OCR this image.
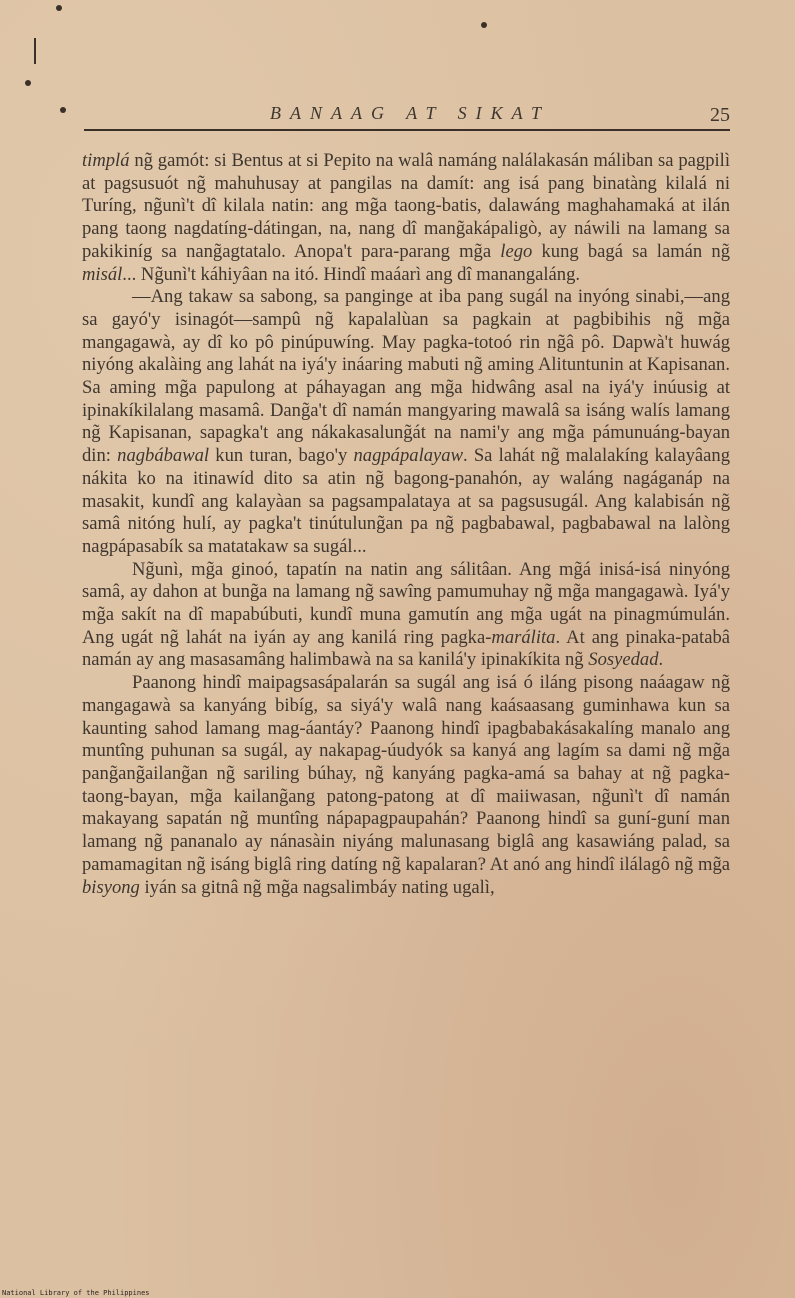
BANAAG AT SIKAT	25

timplá ng̃ gamót: si Bentus at si Pepito na walâ namáng nalálakasán máliban sa pagpilì at pagsusuót ng̃ mahuhusay at pangilas na damít: ang isá pang binatàng kilalá ni Turíng, ng̃unì't dî kilala natin: ang mg̃a taong-batis, dalawáng maghahamaká at ilán pang taong nagdatíng-dátingan, na, nang dî mang̃akápaligò, ay náwili na lamang sa pakikiníg sa nang̃agtatalo. Anopa't para-parang mg̃a lego kung bagá sa lamán ng̃ misál... Ng̃unì't káhiyâan na itó. Hindî maáarì ang dî manangaláng.

—Ang takaw sa sabong, sa panginge at iba pang sugál na inyóng sinabi,—ang sa gayó'y isinagót—sampû ng̃ kapalalùan sa pagkain at pagbibihis ng̃ mg̃a mangagawà, ay dî ko pô pinúpuwíng. May pagka-totoó rin ng̃â pô. Dapwà't huwág niyóng akalàing ang lahát na iyá'y ináaring mabuti ng̃ aming Alituntunin at Kapisanan. Sa aming mg̃a papulong at páhayagan ang mg̃a hidwâng asal na iyá'y inúusig at ipinakíkilalang masamâ. Dang̃a't dî namán mangyaring mawalâ sa isáng walís lamang ng̃ Kapisanan, sapagka't ang nákakasalung̃át na nami'y ang mg̃a pámunuáng-bayan din: nagbábawal kun turan, bago'y nagpápalayaw. Sa lahát ng̃ malalakíng kalayâang nákita ko na itinawíd dito sa atin ng̃ bagong-panahón, ay waláng nagáganáp na masakit, kundî ang kalayàan sa pagsampalataya at sa pagsusugál. Ang kalabisán ng̃ samâ nitóng hulí, ay pagka't tinútulung̃an pa ng̃ pagbabawal, pagbabawal na lalòng nagpápasabík sa matatakaw sa sugál...

Ng̃unì, mg̃a ginoó, tapatín na natin ang sálitâan. Ang mg̃á inisá-isá ninyóng samâ, ay dahon at bung̃a na lamang ng̃ sawîng pamumuhay ng̃ mg̃a mangagawà. Iyá'y mg̃a sakít na dî mapabúbuti, kundî muna gamutín ang mg̃a ugát na pinagmúmulán. Ang ugát ng̃ lahát na iyán ay ang kanilá ring pagka-marálita. At ang pinaka-patabâ namán ay ang masasamâng halimbawà na sa kanilá'y ipinakíkita ng̃ Sosyedad.

Paanong hindî maipagsasápalarán sa sugál ang isá ó iláng pisong naáagaw ng̃ mangagawà sa kanyáng bibíg, sa siyá'y walâ nang kaásaasang guminhawa kun sa kaunting sahod lamang mag-áantáy? Paanong hindî ipagbabakásakalíng manalo ang muntîng puhunan sa sugál, ay nakapag-úudyók sa kanyá ang lagím sa dami ng̃ mg̃a pang̃ang̃ailang̃an ng̃ sariling búhay, ng̃ kanyáng pagka-amá sa bahay at ng̃ pagka-taong-bayan, mg̃a kailang̃ang patong-patong at dî maiiwasan, ng̃unì't dî namán makayang sapatán ng̃ muntîng nápapagpaupahán? Paanong hindî sa guní-guní man lamang ng̃ pananalo ay nánasàin niyáng malunasang biglâ ang kasawiáng palad, sa pamamagitan ng̃ isáng biglâ ring datíng ng̃ kapalaran? At anó ang hindî ilálagô ng̃ mg̃a bisyong iyán sa gitnâ ng̃ mg̃a nagsalimbáy nating ugalì,

National Library of the Philippines
